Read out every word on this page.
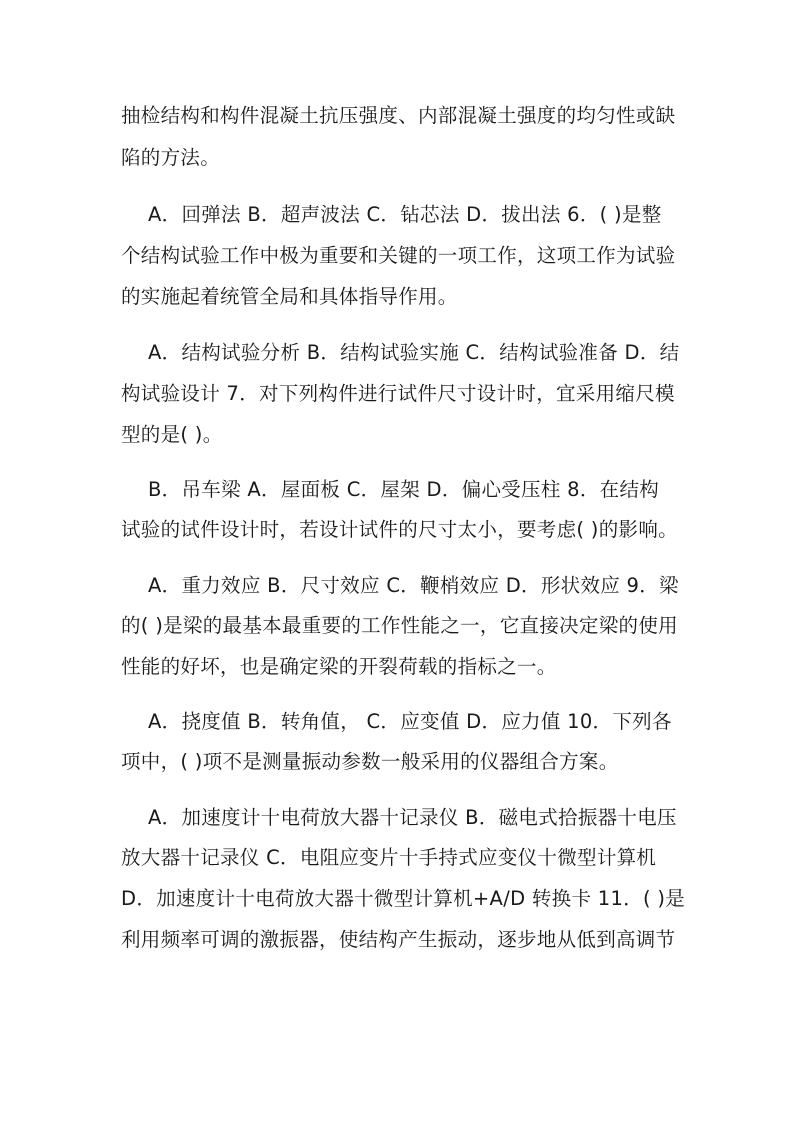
抽检结构和构件混凝土抗压强度、内部混凝土强度的均匀性或缺
陷的方法。
A．回弹法 B．超声波法 C．钻芯法 D．拔出法 6．( )是整
个结构试验工作中极为重要和关键的一项工作，这项工作为试验
的实施起着统管全局和具体指导作用。
A．结构试验分析 B．结构试验实施 C．结构试验准备 D．结
构试验设计 7．对下列构件进行试件尺寸设计时，宜采用缩尺模
型的是( )。
B．吊车梁 A．屋面板 C．屋架 D．偏心受压柱 8．在结构
试验的试件设计时，若设计试件的尺寸太小，要考虑( )的影响。
A．重力效应 B．尺寸效应 C．鞭梢效应 D．形状效应 9．梁
的( )是梁的最基本最重要的工作性能之一，它直接决定梁的使用
性能的好坏，也是确定梁的开裂荷载的指标之一。
A．挠度值 B．转角值， C．应变值 D．应力值 10．下列各
项中，( )项不是测量振动参数一般采用的仪器组合方案。
A．加速度计十电荷放大器十记录仪 B．磁电式拾振器十电压
放大器十记录仪 C．电阻应变片十手持式应变仪十微型计算机
D．加速度计十电荷放大器十微型计算机+A/D 转换卡 11．( )是
利用频率可调的激振器，使结构产生振动，逐步地从低到高调节
